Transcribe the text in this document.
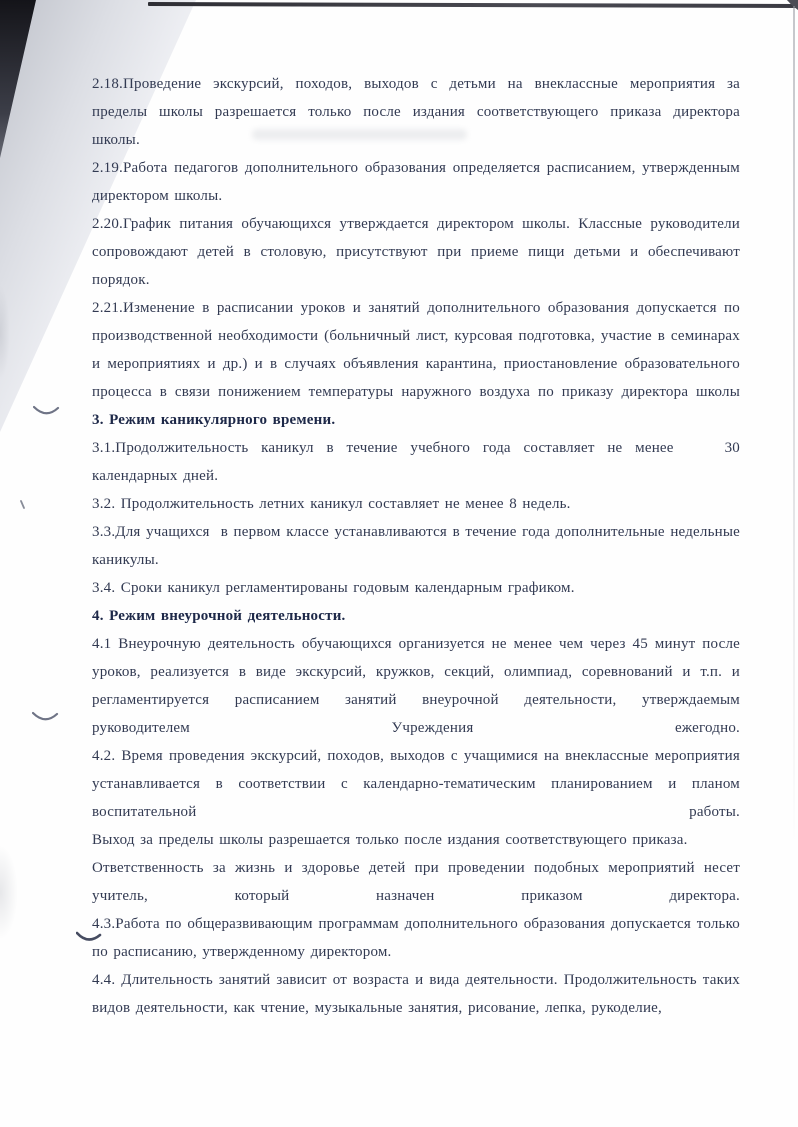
2.18.Проведение экскурсий, походов, выходов с детьми на внеклассные мероприятия за пределы школы разрешается только после издания соответствующего приказа директора школы.
2.19.Работа педагогов дополнительного образования определяется расписанием, утвержденным директором школы.
2.20.График питания обучающихся утверждается директором школы. Классные руководители сопровождают детей в столовую, присутствуют при приеме пищи детьми и обеспечивают порядок.
2.21.Изменение в расписании уроков и занятий дополнительного образования допускается по производственной необходимости (больничный лист, курсовая подготовка, участие в семинарах и мероприятиях и др.) и в случаях объявления карантина, приостановление образовательного процесса в связи понижением температуры наружного воздуха по приказу директора школы
3. Режим каникулярного времени.
3.1.Продолжительность каникул в течение учебного года составляет не менее    30 календарных дней.
3.2. Продолжительность летних каникул составляет не менее 8 недель.
3.3.Для учащихся  в первом классе устанавливаются в течение года дополнительные недельные каникулы.
3.4. Сроки каникул регламентированы годовым календарным графиком.
4. Режим внеурочной деятельности.
4.1 Внеурочную деятельность обучающихся организуется не менее чем через 45 минут после уроков, реализуется в виде экскурсий, кружков, секций, олимпиад, соревнований и т.п. и регламентируется расписанием занятий внеурочной деятельности, утверждаемым руководителем Учреждения ежегодно.
4.2. Время проведения экскурсий, походов, выходов с учащимися на внеклассные мероприятия устанавливается в соответствии с календарно-тематическим планированием и планом воспитательной работы.
Выход за пределы школы разрешается только после издания соответствующего приказа.
Ответственность за жизнь и здоровье детей при проведении подобных мероприятий несет учитель, который назначен приказом директора.
4.3.Работа по общеразвивающим программам дополнительного образования допускается только по расписанию, утвержденному директором.
4.4. Длительность занятий зависит от возраста и вида деятельности. Продолжительность таких видов деятельности, как чтение, музыкальные занятия, рисование, лепка, рукоделие,
